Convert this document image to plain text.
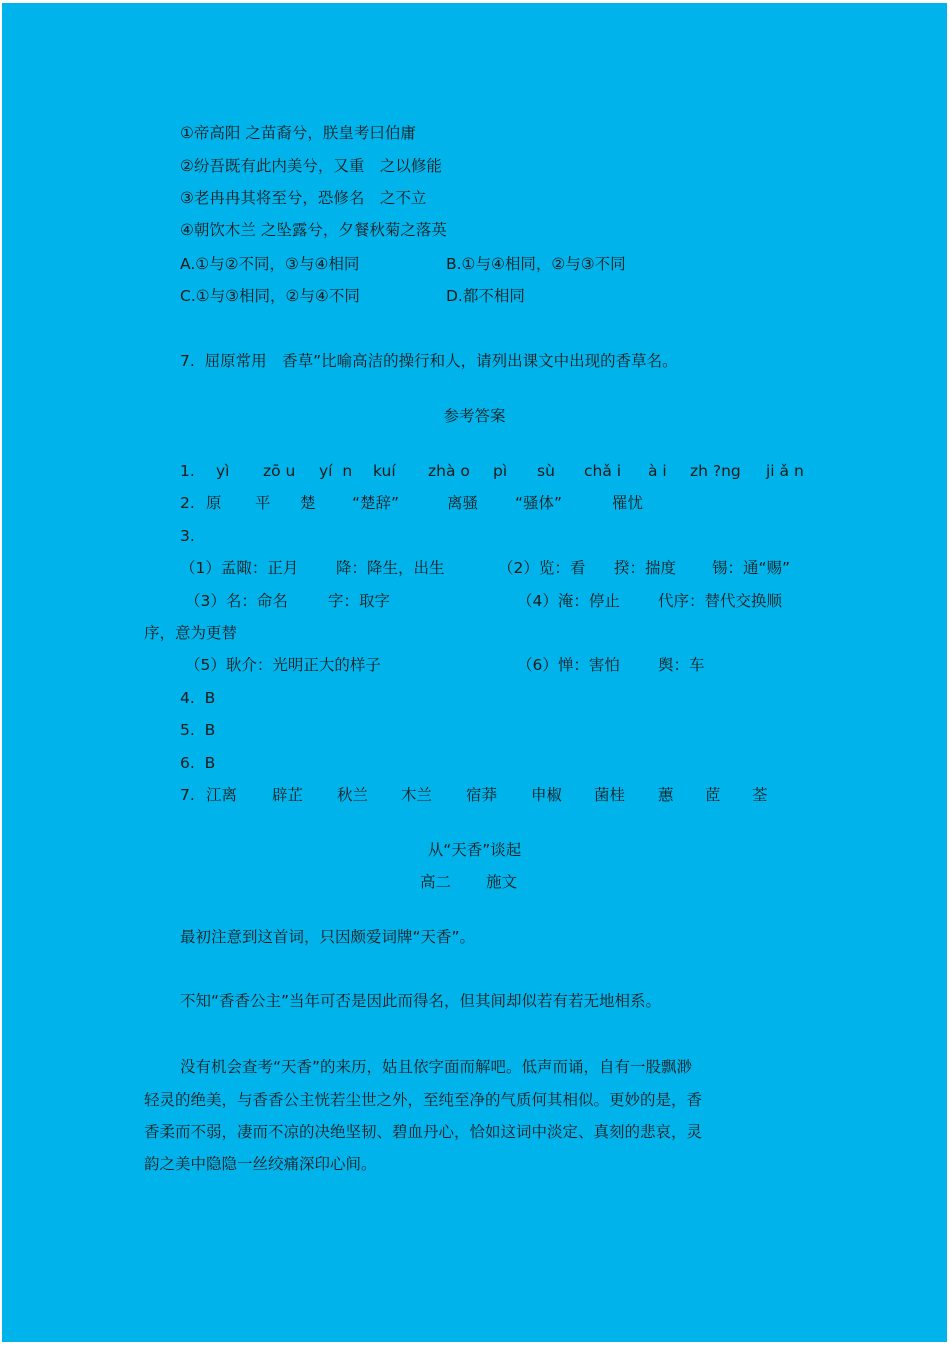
①帝高阳 之苗裔兮，朕皇考曰伯庸
②纷吾既有此内美兮，又重　之以修能
③老冉冉其将至兮，恐修名　之不立
④朝饮木兰 之坠露兮，夕餐秋菊之落英
A.①与②不同，③与④相同	B.①与④相同，②与③不同
C.①与③相同，②与④不同	D.都不相同
7.  屈原常用　香草”比喻高洁的操行和人，请列出课文中出现的香草名。
参考答案
1. yì zō u yí  n kuí zhà o pì sù chǎ i à i zh ?ng ji ǎ n
2. 原 平 楚 “楚辞”	离骚 “骚体”	罹忧
3.
（1）孟陬：正月 降：降生，出生	（2）览：看 揆：揣度 锡：通“赐”
（3）名：命名	字：取字	（4）淹：停止 代序：替代交换顺
序，意为更替
（5）耿介：光明正大的样子	（6）惮：害怕 舆：车
4.  B
5.  B
6.  B
7. 江离 辟芷 秋兰 木兰 宿莽 申椒 菌桂 蕙 茝 荃
从“天香”谈起
高二 施文
最初注意到这首词，只因颇爱词牌“天香”。
不知“香香公主”当年可否是因此而得名，但其间却似若有若无地相系。
没有机会查考“天香”的来历，姑且依字面而解吧。低声而诵，自有一股飘渺
轻灵的绝美，与香香公主恍若尘世之外，至纯至净的气质何其相似。更妙的是，香
香柔而不弱，凄而不凉的决绝坚韧、碧血丹心，恰如这词中淡定、真刻的悲哀，灵
韵之美中隐隐一丝绞痛深印心间。
